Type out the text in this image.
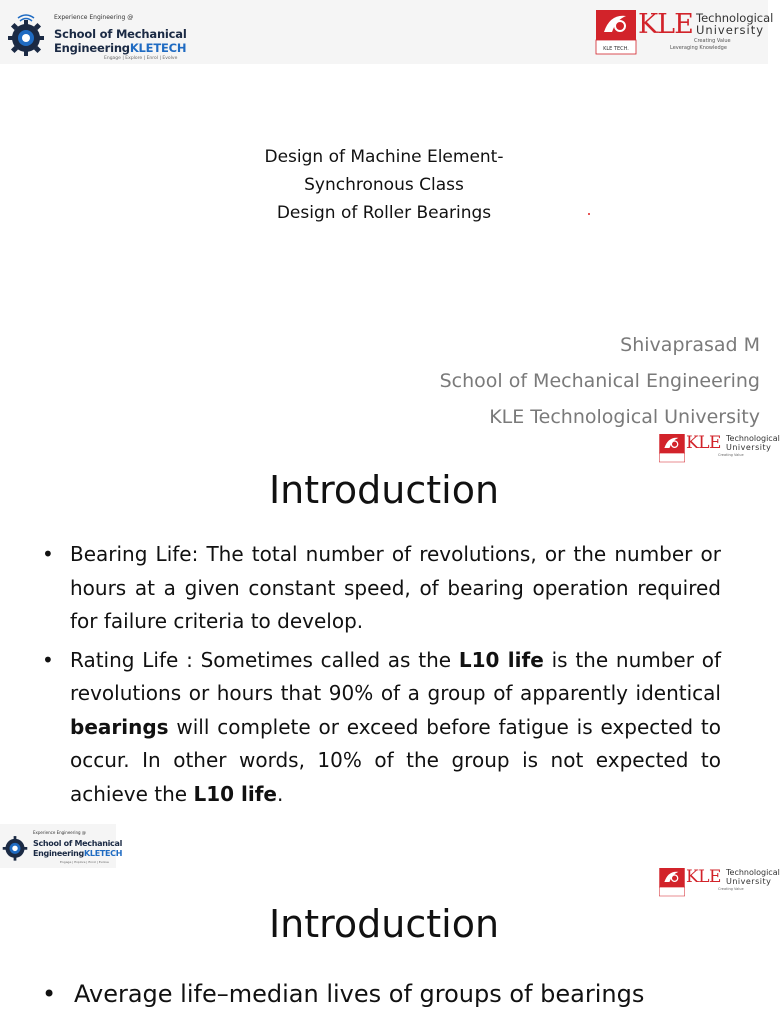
Experience Engineering @
School of Mechanical
EngineeringKLETECH
Engage | Explore | Enrol | Evolve
KLE TECH.
KLE Technological
University
Creating Value
Leveraging Knowledge
Design of Machine Element-
Synchronous Class
Design of Roller Bearings
Shivaprasad M
School of Mechanical Engineering
KLE Technological University
KLE Technological
University
Creating Value
Introduction
• Bearing Life: The total number of revolutions, or the number or hours at a given constant speed, of bearing operation required for failure criteria to develop.
• Rating Life : Sometimes called as the L10 life is the number of revolutions or hours that 90% of a group of apparently identical bearings will complete or exceed before fatigue is expected to occur. In other words, 10% of the group is not expected to achieve the L10 life.
Experience Engineering @
School of Mechanical
EngineeringKLETECH
Engage | Explore | Enrol | Evolve
KLE Technological
University
Creating Value
Introduction
• Average life–median lives of groups of bearings
